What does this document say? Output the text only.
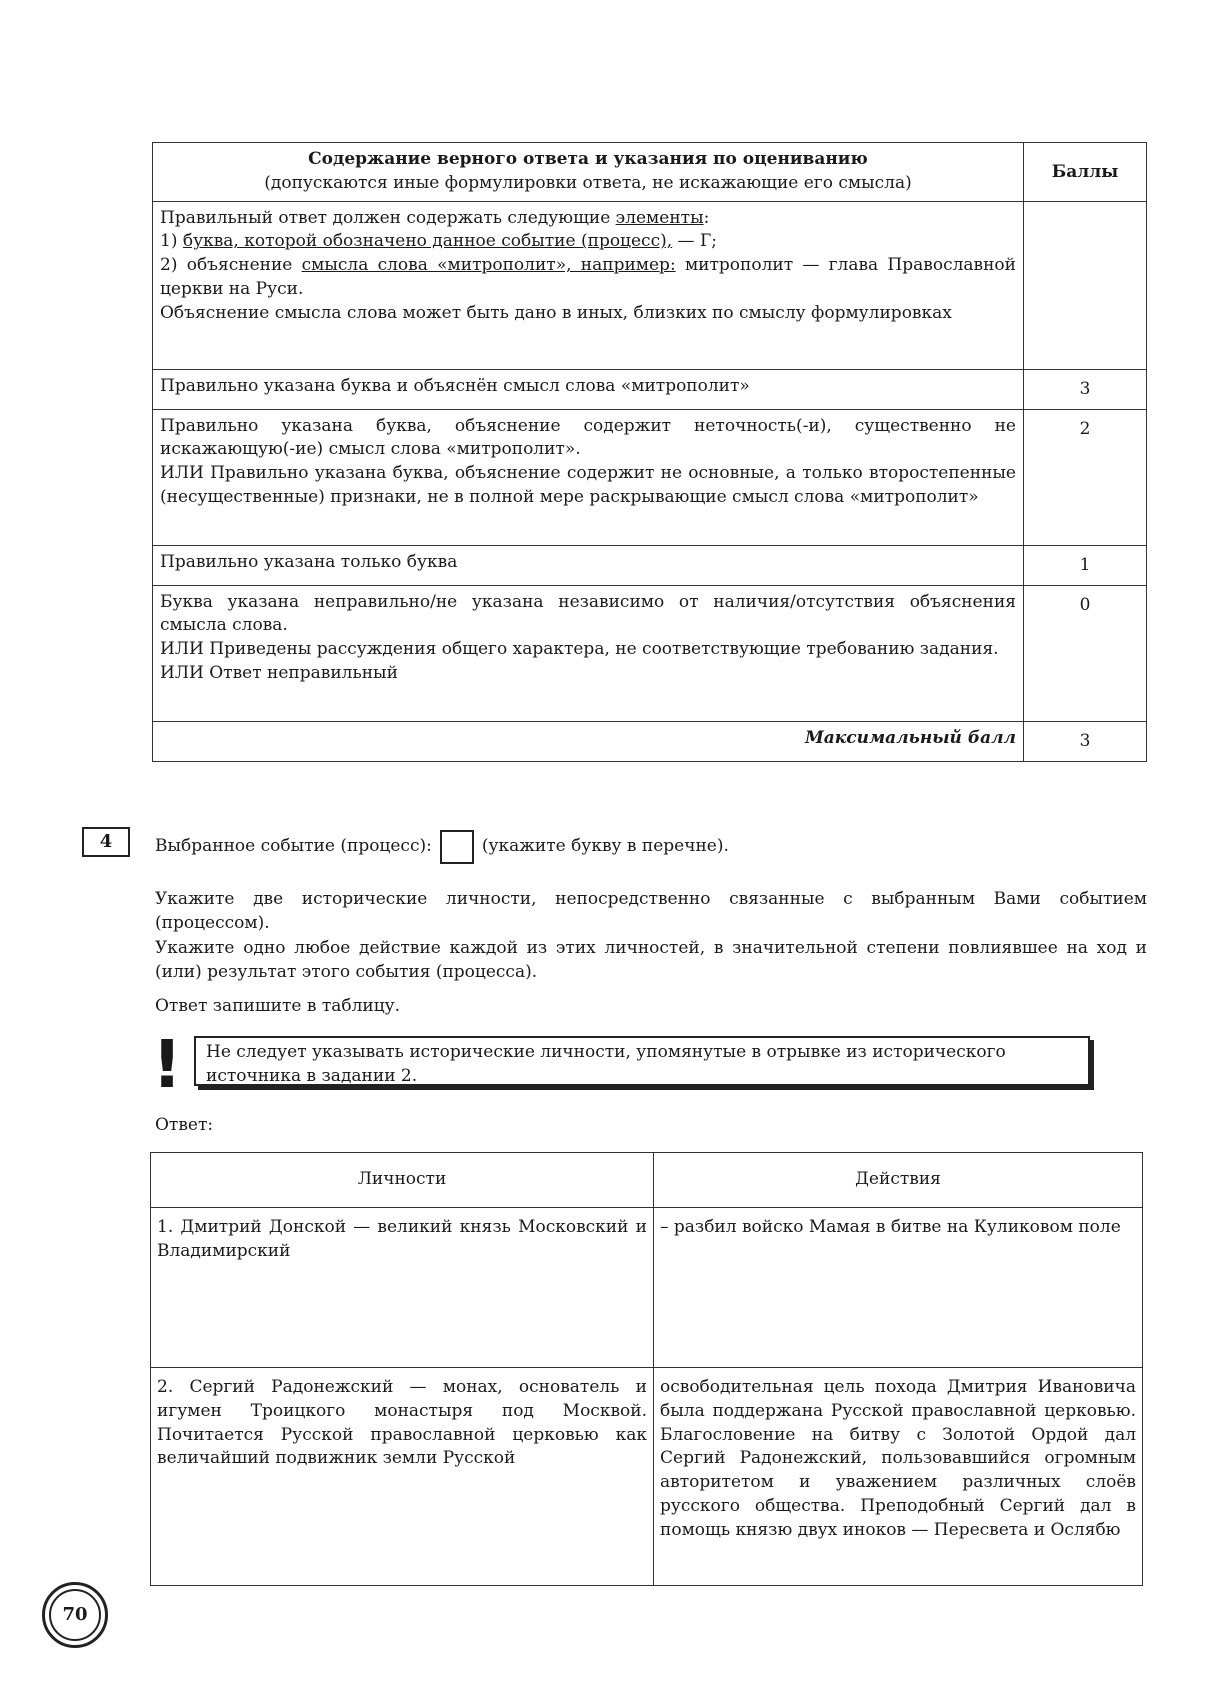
Содержание верного ответа и указания по оцениванию
(допускаются иные формулировки ответа, не искажающие его смысла)	Баллы

Правильный ответ должен содержать следующие элементы:
1) буква, которой обозначено данное событие (процесс), — Г;
2) объяснение смысла слова «митрополит», например: митрополит — глава Православной церкви на Руси.
Объяснение смысла слова может быть дано в иных, близких по смыслу формулировках	

Правильно указана буква и объяснён смысл слова «митрополит»	3

Правильно указана буква, объяснение содержит неточность(-и), существенно не искажающую(-ие) смысл слова «митрополит».
ИЛИ Правильно указана буква, объяснение содержит не основные, а только второстепенные (несущественные) признаки, не в полной мере раскрывающие смысл слова «митрополит»	2
Правильно указана только буква	1

Буква указана неправильно/не указана независимо от наличия/отсутствия объяснения смысла слова.
ИЛИ Приведены рассуждения общего характера, не соответствующие требованию задания.
ИЛИ Ответ неправильный	0
Максимальный балл	3
4	Выбранное событие (процесс):	(укажите букву в перечне).
Укажите две исторические личности, непосредственно связанные с выбранным Вами событием (процессом).
Укажите одно любое действие каждой из этих личностей, в значительной степени повлиявшее на ход и (или) результат этого события (процесса).
Ответ запишите в таблицу.
!	Не следует указывать исторические личности, упомянутые в отрывке из исторического источника в задании 2.
Ответ:
Личности	Действия
1. Дмитрий Донской — великий князь Московский и Владимирский	– разбил войско Мамая в битве на Куликовом поле
2. Сергий Радонежский — монах, основатель и игумен Троицкого монастыря под Москвой. Почитается Русской православной церковью как величайший подвижник земли Русской	освободительная цель похода Дмитрия Ивановича была поддержана Русской православной церковью. Благословение на битву с Золотой Ордой дал Сергий Радонежский, пользовавшийся огромным авторитетом и уважением различных слоёв русского общества. Преподобный Сергий дал в помощь князю двух иноков — Пересвета и Ослябю
70
